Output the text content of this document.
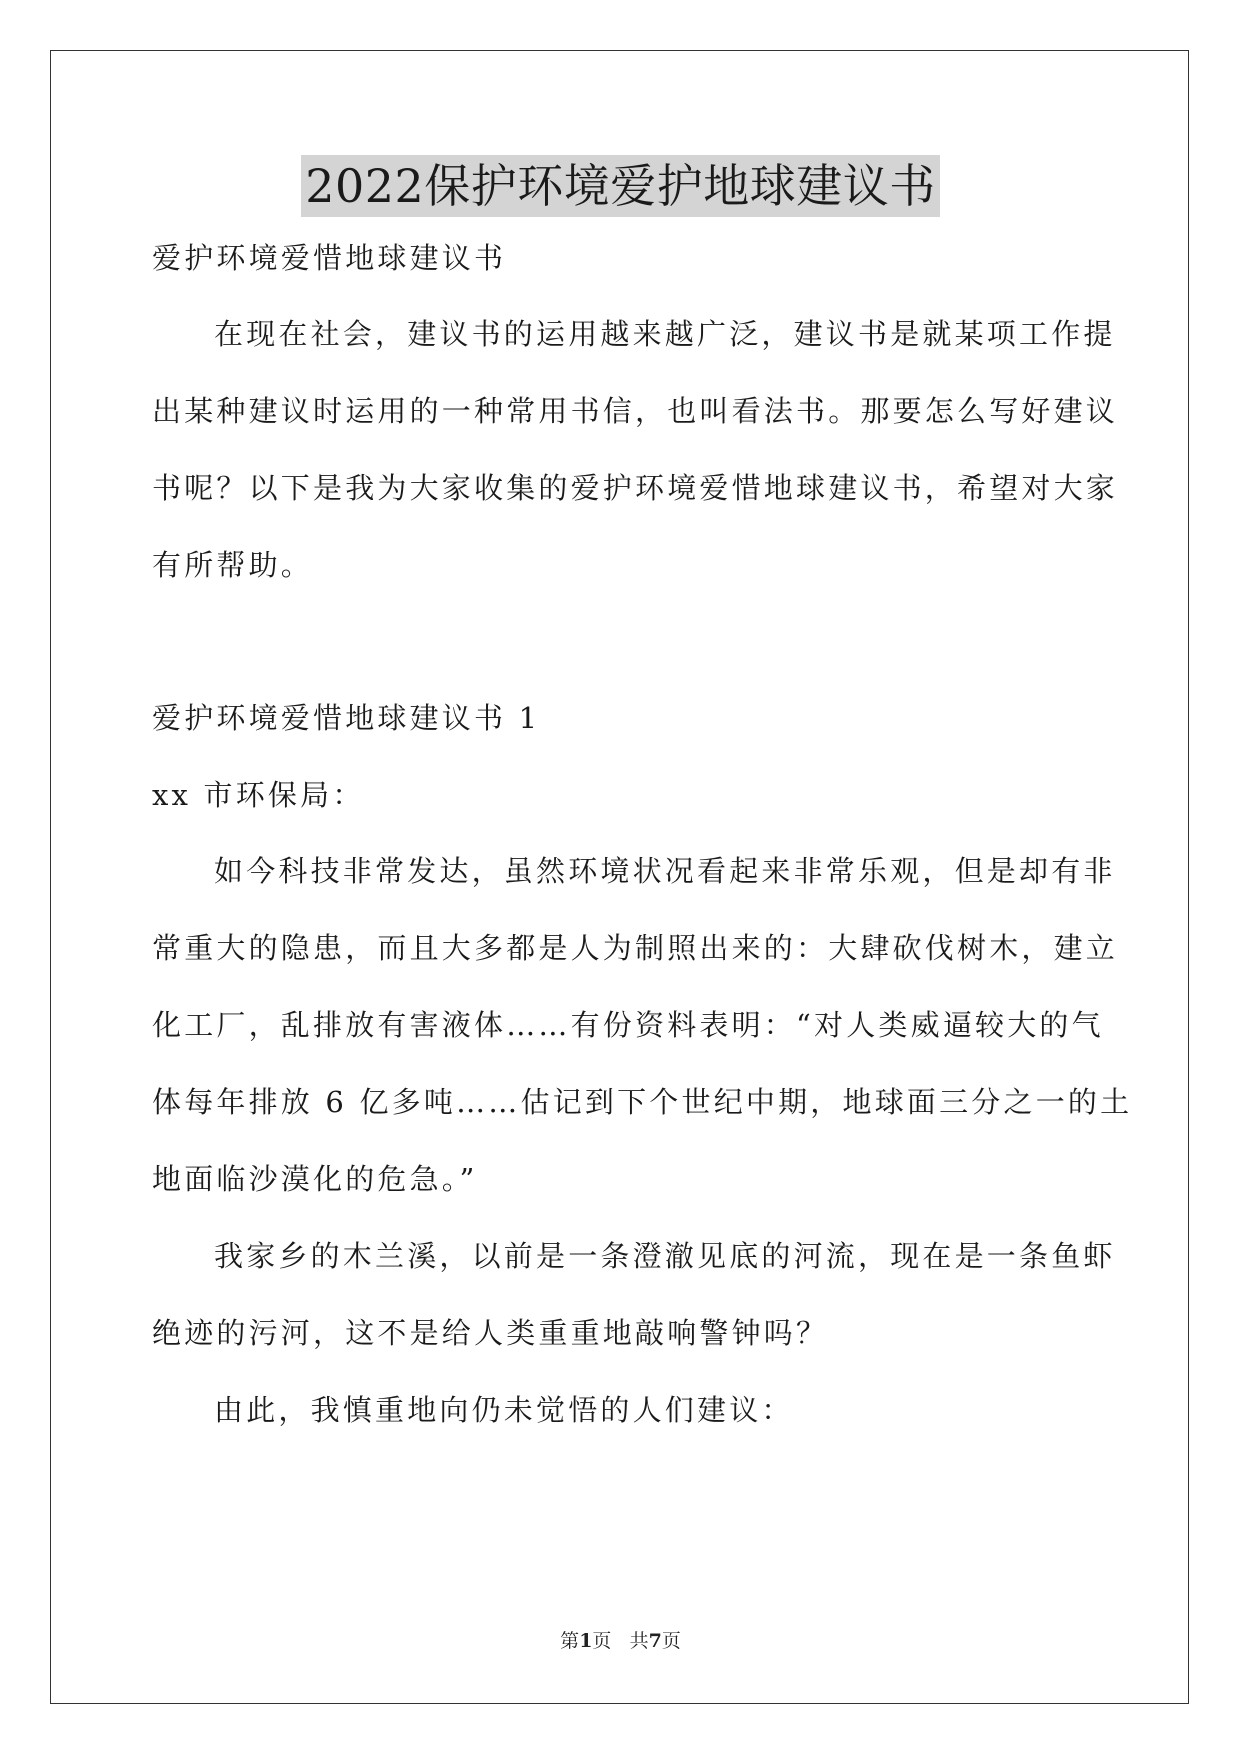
2022保护环境爱护地球建议书
爱护环境爱惜地球建议书
在现在社会，建议书的运用越来越广泛，建议书是就某项工作提
出某种建议时运用的一种常用书信，也叫看法书。那要怎么写好建议
书呢？以下是我为大家收集的爱护环境爱惜地球建议书，希望对大家
有所帮助。
爱护环境爱惜地球建议书 1
xx 市环保局：
如今科技非常发达，虽然环境状况看起来非常乐观，但是却有非
常重大的隐患，而且大多都是人为制照出来的：大肆砍伐树木，建立
化工厂，乱排放有害液体……有份资料表明：“对人类威逼较大的气
体每年排放 6 亿多吨……估记到下个世纪中期，地球面三分之一的土
地面临沙漠化的危急。”
我家乡的木兰溪，以前是一条澄澈见底的河流，现在是一条鱼虾
绝迹的污河，这不是给人类重重地敲响警钟吗？
由此，我慎重地向仍未觉悟的人们建议：
第1页 共7页
